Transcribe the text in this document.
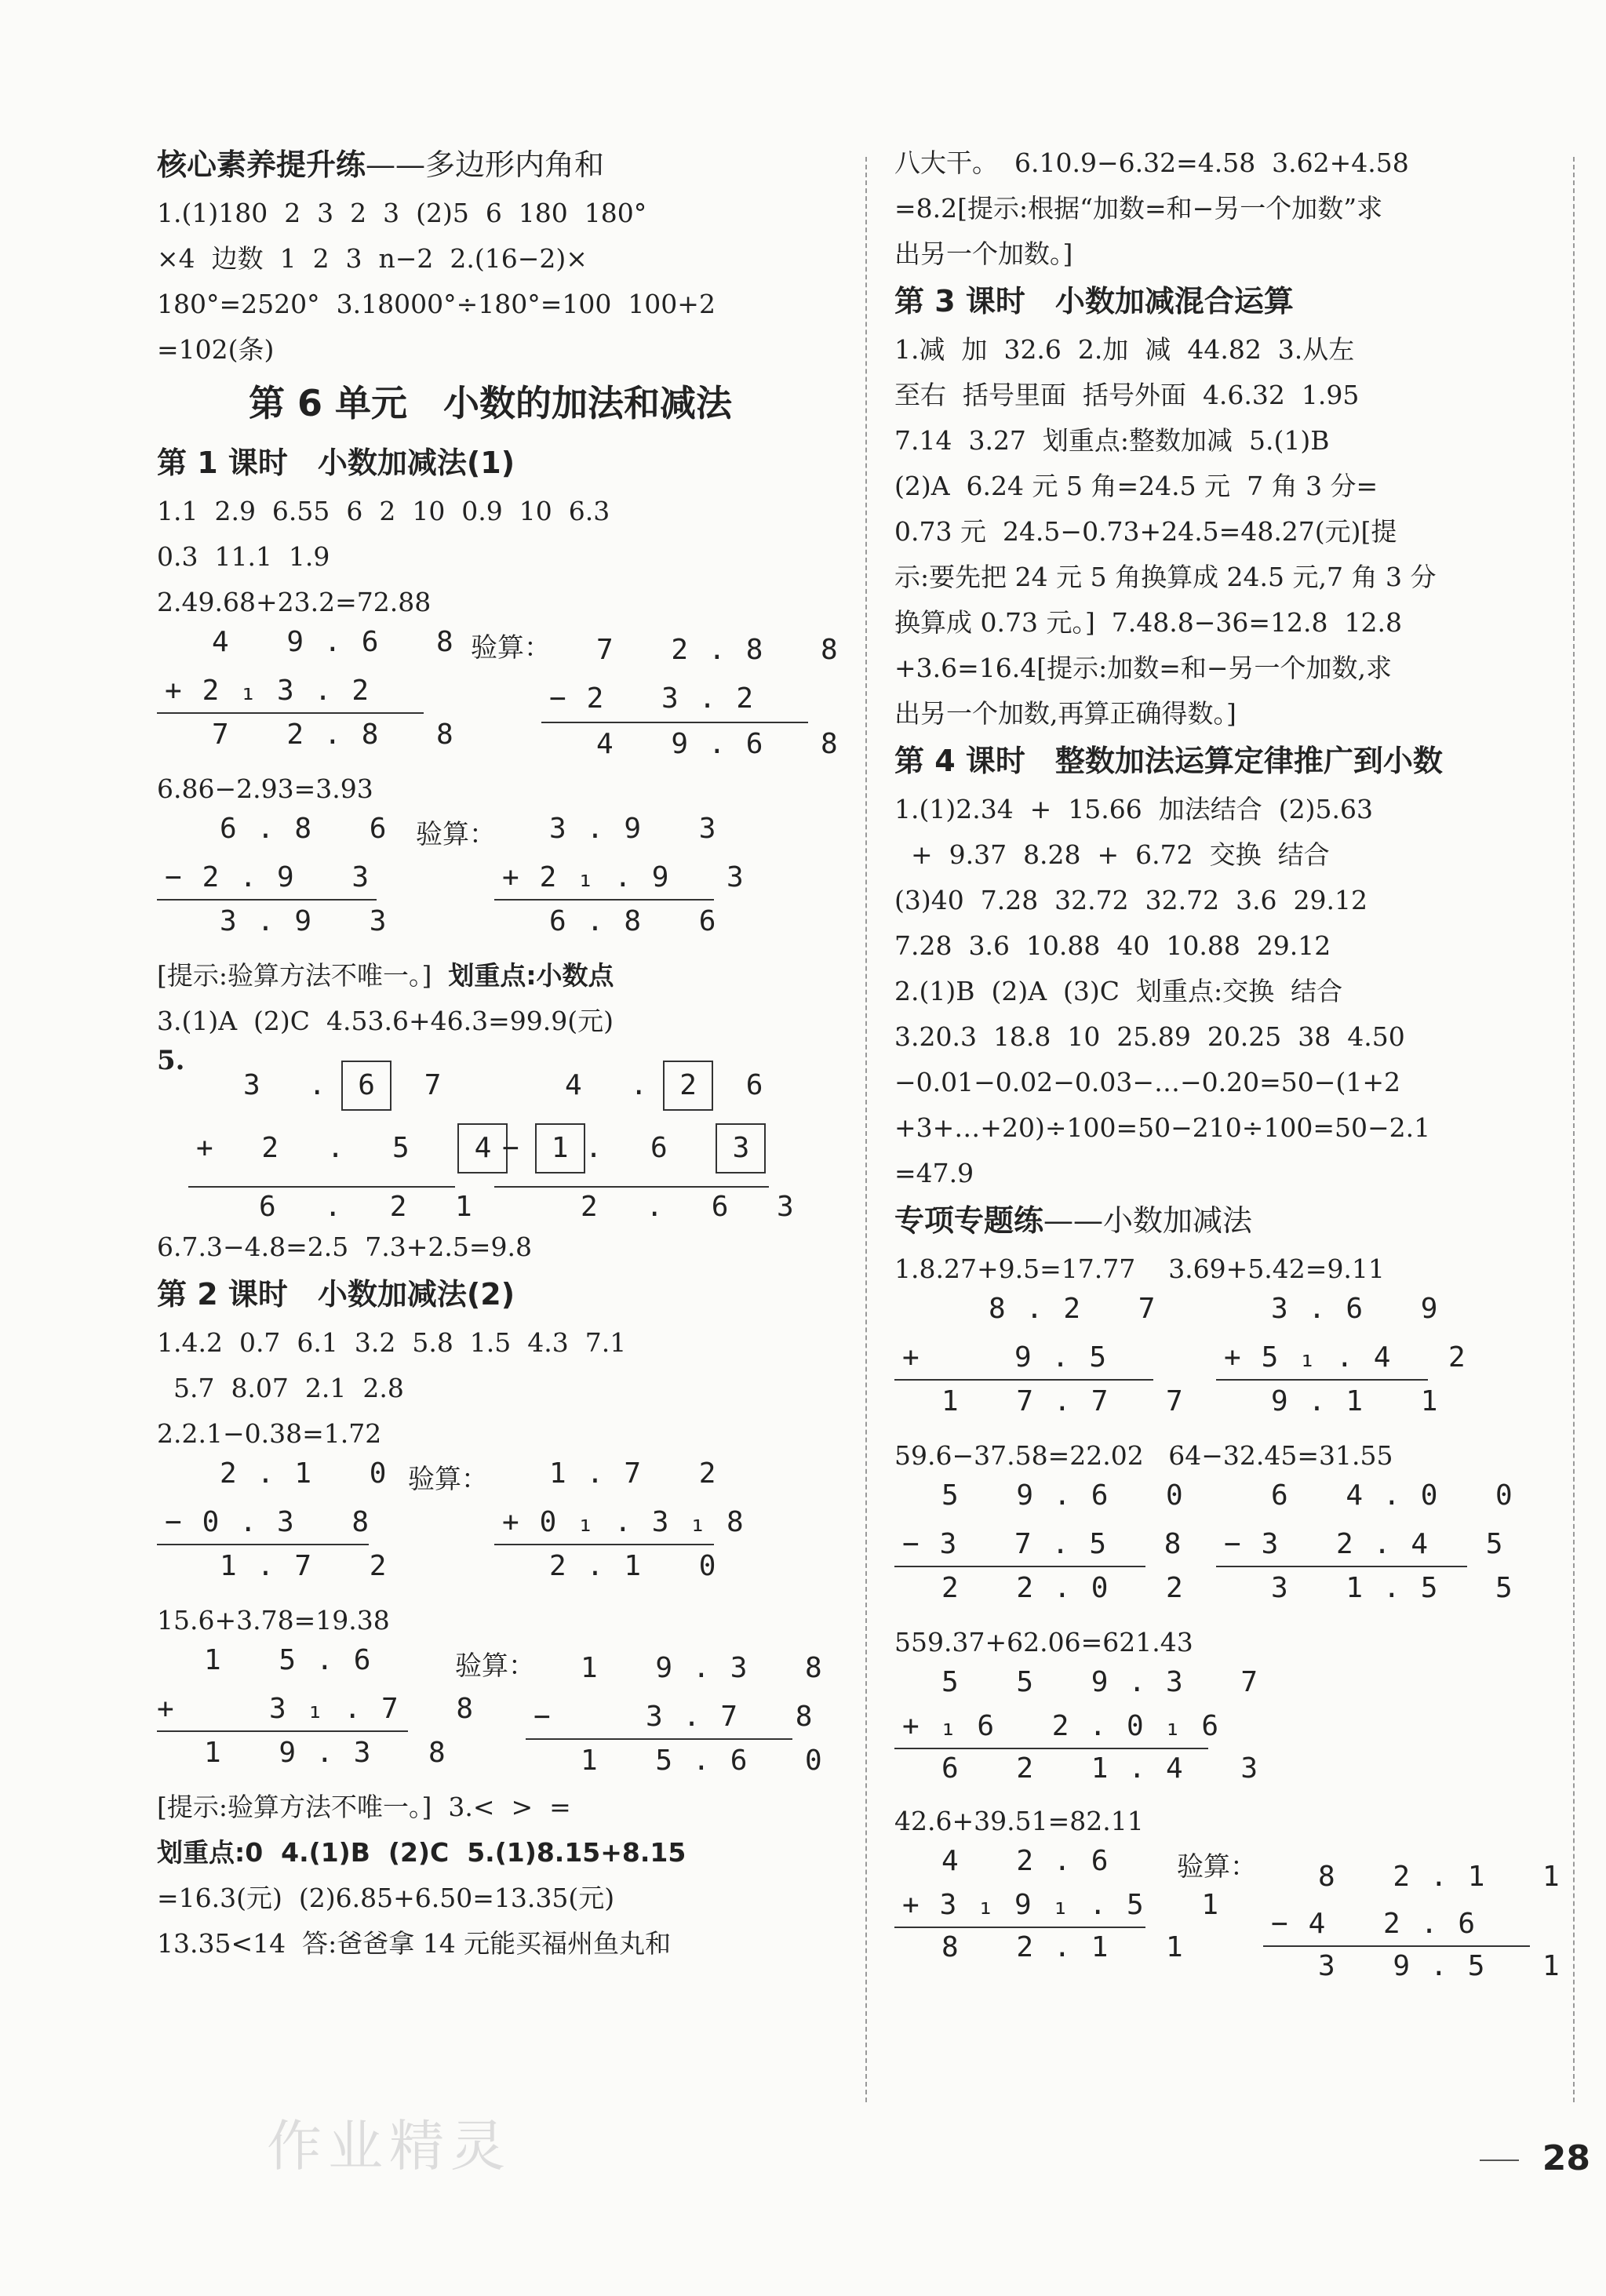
核心素养提升练——多边形内角和
1.(1)180  2  3  2  3  (2)5  6  180  180°
×4  边数  1  2  3  n−2  2.(16−2)×
180°=2520°  3.18000°÷180°=100  100+2
=102(条)
第 6 单元　小数的加法和减法
第 1 课时　小数加减法(1)
1.1  2.9  6.55  6  2  10  0.9  10  6.3
0.3  11.1  1.9
2.49.68+23.2=72.88
4 9.6 8
+2₁3.2
7 2.8 8
验算： 7 2.8 8
−2 3.2
4 9.6 8
6.86−2.93=3.93
6.8 6
−2.9 3
3.9 3
验算： 3.9 3
+2₁.9 3
6.8 6
[提示:验算方法不唯一。] 划重点:小数点
3.(1)A  (2)C  4.53.6+46.3=99.9(元)
5.
3 . 6 7
+ 2 . 5 4
6 . 2 1
4 . 2 6
− 1 . 6 3
2 . 6 3
6.7.3−4.8=2.5  7.3+2.5=9.8
第 2 课时　小数加减法(2)
1.4.2  0.7  6.1  3.2  5.8  1.5  4.3  7.1
5.7  8.07  2.1  2.8
2.2.1−0.38=1.72
2.1 0
−0.3 8
1.7 2
验算： 1.7 2
+0₁.3₁8
2.1 0
15.6+3.78=19.38
1 5.6
+  3₁.7 8
1 9.3 8
验算： 1 9.3 8
−  3.7 8
1 5.6 0
[提示:验算方法不唯一。]  3.<  >  =
划重点:0  4.(1)B  (2)C  5.(1)8.15+8.15
=16.3(元)  (2)6.85+6.50=13.35(元)
13.35<14  答:爸爸拿 14 元能买福州鱼丸和
八大干。  6.10.9−6.32=4.58  3.62+4.58
=8.2[提示:根据“加数=和−另一个加数”求
出另一个加数。]
第 3 课时　小数加减混合运算
1.减  加  32.6  2.加  减  44.82  3.从左
至右  括号里面  括号外面  4.6.32  1.95
7.14  3.27  划重点:整数加减  5.(1)B
(2)A  6.24 元 5 角=24.5 元  7 角 3 分=
0.73 元  24.5−0.73+24.5=48.27(元)[提
示:要先把 24 元 5 角换算成 24.5 元,7 角 3 分
换算成 0.73 元。]  7.48.8−36=12.8  12.8
+3.6=16.4[提示:加数=和−另一个加数,求
出另一个加数,再算正确得数。]
第 4 课时　整数加法运算定律推广到小数
1.(1)2.34  +  15.66  加法结合  (2)5.63
+  9.37  8.28  +  6.72  交换  结合
(3)40  7.28  32.72  32.72  3.6  29.12
7.28  3.6  10.88  40  10.88  29.12
2.(1)B  (2)A  (3)C  划重点:交换  结合
3.20.3  18.8  10  25.89  20.25  38  4.50
−0.01−0.02−0.03−…−0.20=50−(1+2
+3+…+20)÷100=50−210÷100=50−2.1
=47.9
专项专题练——小数加减法
1.8.27+9.5=17.77 3.69+5.42=9.11
8.2 7
+  9.5
1 7.7 7
3.6 9
+5₁.4 2
9.1 1
59.6−37.58=22.02 64−32.45=31.55
5 9.6 0
−3 7.5 8
2 2.0 2
6 4.0 0
−3 2.4 5
3 1.5 5
559.37+62.06=621.43
5 5 9.3 7
+₁6 2.0₁6
6 2 1.4 3
42.6+39.51=82.11
4 2.6
+3₁9₁.5 1
8 2.1 1
验算： 8 2.1 1
−4 2.6
3 9.5 1
28
作业精灵
